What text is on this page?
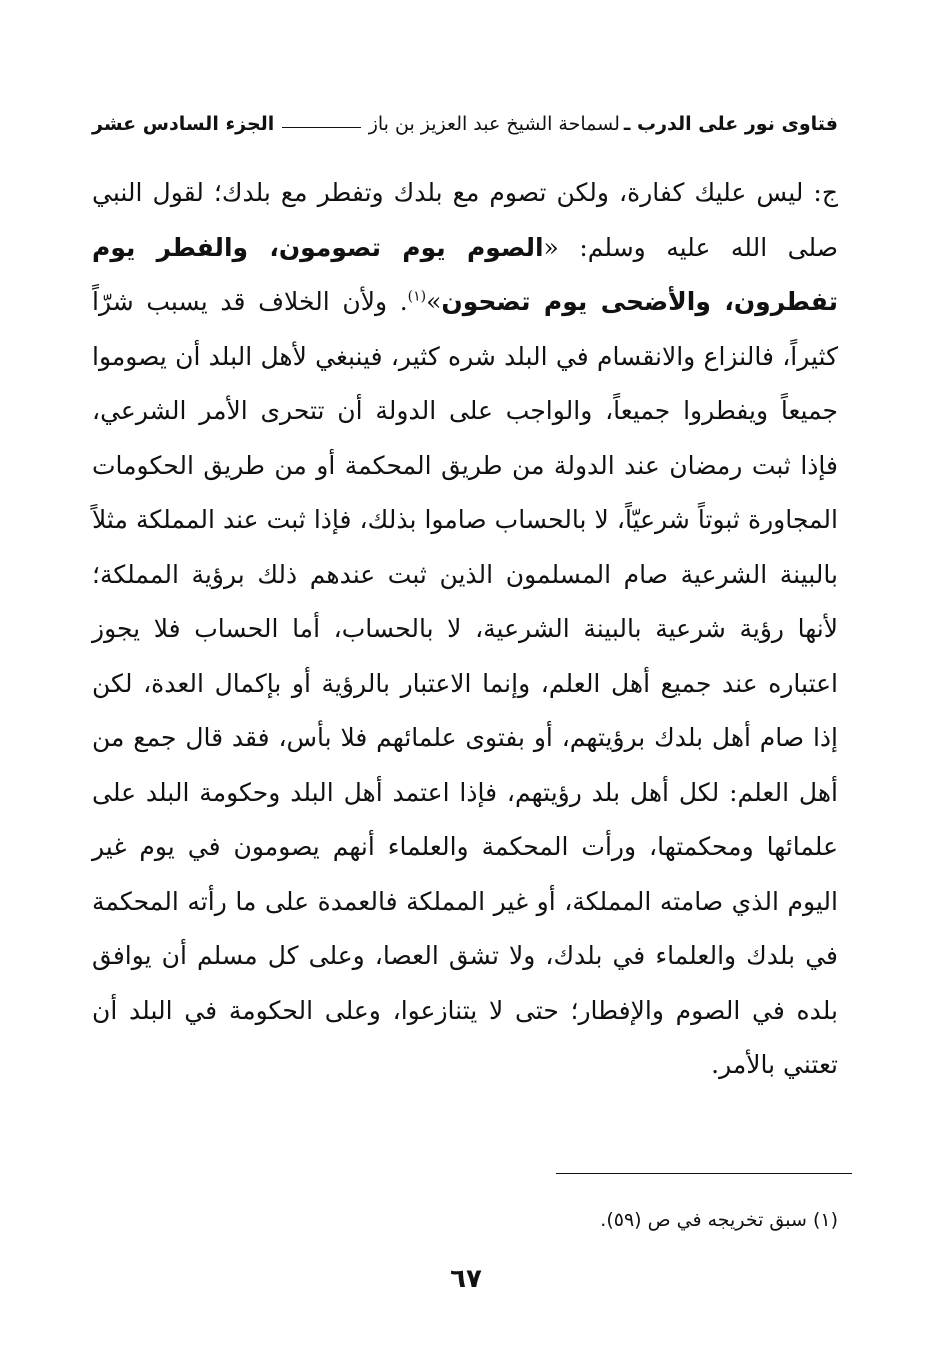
فتاوى نور على الدرب ـ
لسماحة الشيخ عبد العزيز بن باز
الجزء السادس عشر
ج: ليس عليك كفارة، ولكن تصوم مع بلدك وتفطر مع بلدك؛ لقول النبي صلى الله عليه وسلم: «الصوم يوم تصومون، والفطر يوم تفطرون، والأضحى يوم تضحون»$^{(١)}$. ولأن الخلاف قد يسبب شرّاً كثيراً، فالنزاع والانقسام في البلد شره كثير، فينبغي لأهل البلد أن يصوموا جميعاً ويفطروا جميعاً، والواجب على الدولة أن تتحرى الأمر الشرعي، فإذا ثبت رمضان عند الدولة من طريق المحكمة أو من طريق الحكومات المجاورة ثبوتاً شرعيّاً، لا بالحساب صاموا بذلك، فإذا ثبت عند المملكة مثلاً بالبينة الشرعية صام المسلمون الذين ثبت عندهم ذلك برؤية المملكة؛ لأنها رؤية شرعية بالبينة الشرعية، لا بالحساب، أما الحساب فلا يجوز اعتباره عند جميع أهل العلم، وإنما الاعتبار بالرؤية أو بإكمال العدة، لكن إذا صام أهل بلدك برؤيتهم، أو بفتوى علمائهم فلا بأس، فقد قال جمع من أهل العلم: لكل أهل بلد رؤيتهم، فإذا اعتمد أهل البلد وحكومة البلد على علمائها ومحكمتها، ورأت المحكمة والعلماء أنهم يصومون في يوم غير اليوم الذي صامته المملكة، أو غير المملكة فالعمدة على ما رأته المحكمة في بلدك والعلماء في بلدك، ولا تشق العصا، وعلى كل مسلم أن يوافق بلده في الصوم والإفطار؛ حتى لا يتنازعوا، وعلى الحكومة في البلد أن تعتني بالأمر.
(١) سبق تخريجه في ص (٥٩).
٦٧
